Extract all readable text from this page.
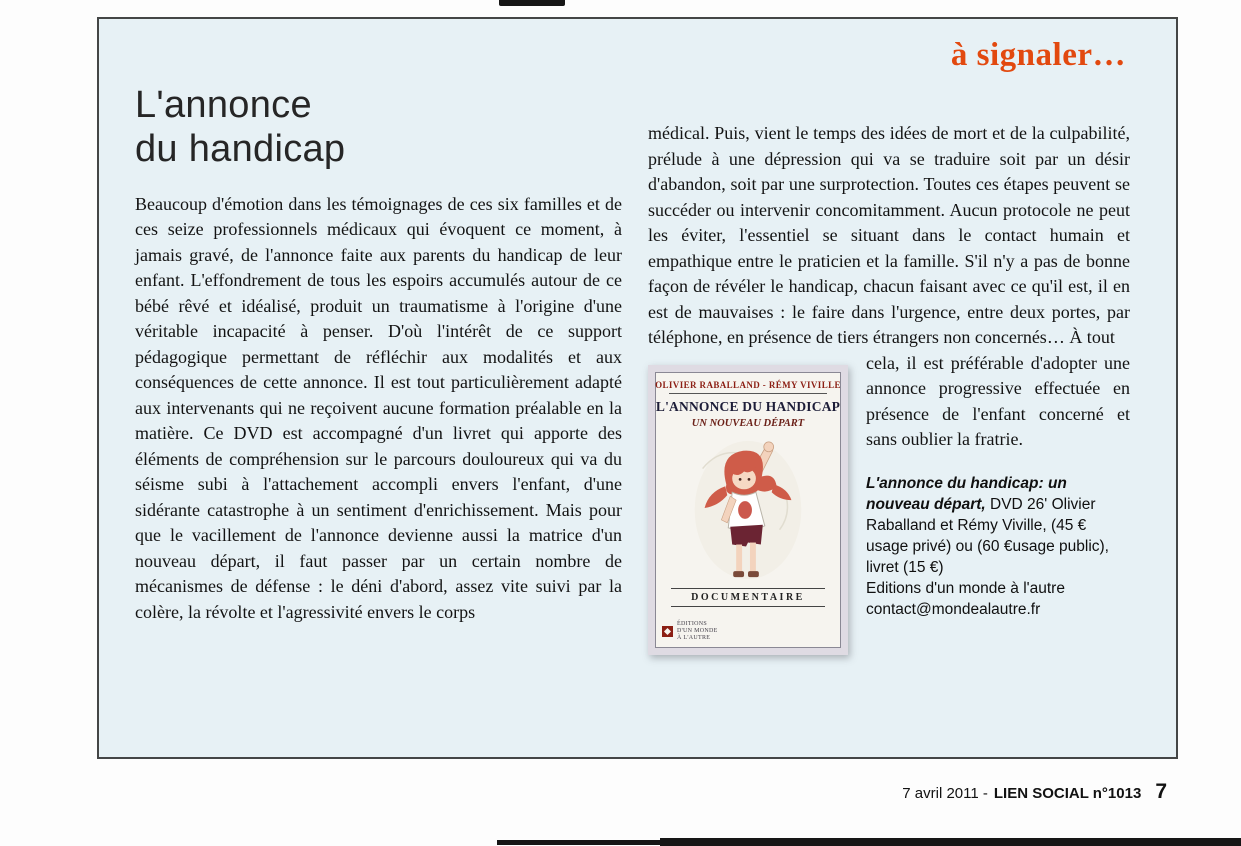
à signaler…
L'annonce
du handicap

Beaucoup d'émotion dans les témoignages de ces six familles et de ces seize professionnels médicaux qui évoquent ce moment, à jamais gravé, de l'annonce faite aux parents du handicap de leur enfant. L'effondrement de tous les espoirs accumulés autour de ce bébé rêvé et idéalisé, produit un traumatisme à l'origine d'une véritable incapacité à penser. D'où l'intérêt de ce support pédagogique permettant de réfléchir aux modalités et aux conséquences de cette annonce. Il est tout particulièrement adapté aux intervenants qui ne reçoivent aucune formation préalable en la matière. Ce DVD est accompagné d'un livret qui apporte des éléments de compréhension sur le parcours douloureux qui va du séisme subi à l'attachement accompli envers l'enfant, d'une sidérante catastrophe à un sentiment d'enrichissement. Mais pour que le vacillement de l'annonce devienne aussi la matrice d'un nouveau départ, il faut passer par un certain nombre de mécanismes de défense : le déni d'abord, assez vite suivi par la colère, la révolte et l'agressivité envers le corps

médical. Puis, vient le temps des idées de mort et de la culpabilité, prélude à une dépression qui va se traduire soit par un désir d'abandon, soit par une surprotection. Toutes ces étapes peuvent se succéder ou intervenir concomitamment. Aucun protocole ne peut les éviter, l'essentiel se situant dans le contact humain et empathique entre le praticien et la famille. S'il n'y a pas de bonne façon de révéler le handicap, chacun faisant avec ce qu'il est, il en est de mauvaises : le faire dans l'urgence, entre deux portes, par téléphone, en présence de tiers étrangers non concernés… À tout

OLIVIER RABALLAND - RÉMY VIVILLE
L'ANNONCE DU HANDICAP
UN NOUVEAU DÉPART
DOCUMENTAIRE
ÉDITIONS
D'UN MONDE
À L'AUTRE

cela, il est préférable d'adopter une annonce progressive effectuée en présence de l'enfant concerné et sans oublier la fratrie.

L'annonce du handicap: un nouveau départ, DVD 26' Olivier Raballand et Rémy Viville, (45 € usage privé) ou (60 €usage public), livret (15 €)

Editions d'un monde à l'autre

contact@mondealautre.fr

7 avril 2011 - LIEN SOCIAL n°1013 7
